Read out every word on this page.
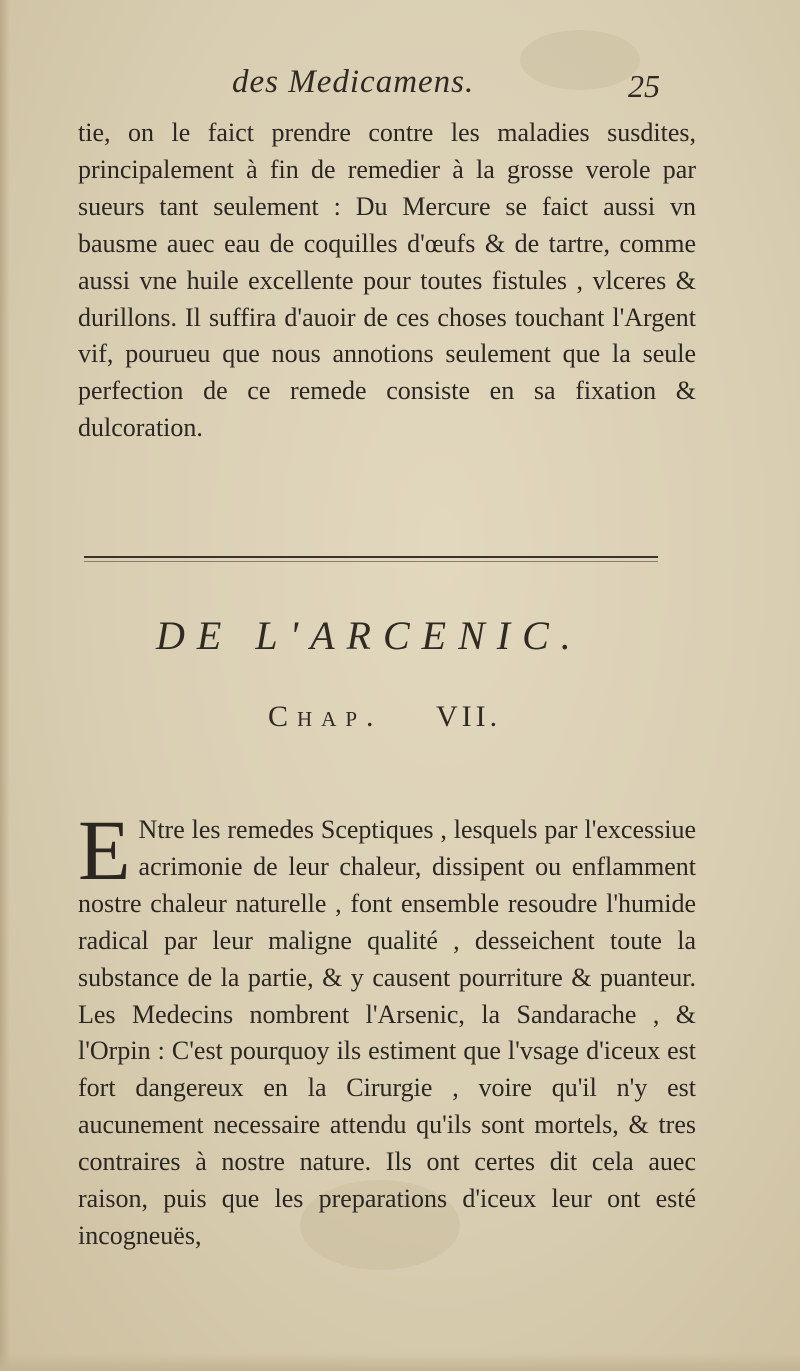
des Medicamens.	25

tie, on le faict prendre contre les maladies susdites, principalement à fin de remedier à la grosse verole par sueurs tant seulement : Du Mercure se faict aussi vn bausme auec eau de coquilles d'œufs & de tartre, comme aussi vne huile excellente pour toutes fistules , vlceres & durillons. Il suffira d'auoir de ces choses touchant l'Argent vif, pourueu que nous annotions seulement que la seule perfection de ce remede consiste en sa fixation & dulcoration.

DE L'ARCENIC.
Chap. VII.
E Ntre les remedes Sceptiques , lesquels par l'excessiue acrimonie de leur chaleur, dissipent ou enflamment nostre chaleur naturelle , font ensemble resoudre l'humide radical par leur maligne qualité , desseichent toute la substance de la partie, & y causent pourriture & puanteur. Les Medecins nombrent l'Arsenic, la Sandarache , & l'Orpin : C'est pourquoy ils estiment que l'vsage d'iceux est fort dangereux en la Cirurgie , voire qu'il n'y est aucunement necessaire attendu qu'ils sont mortels, & tres contraires à nostre nature. Ils ont certes dit cela auec raison, puis que les preparations d'iceux leur ont esté incogneuës,
